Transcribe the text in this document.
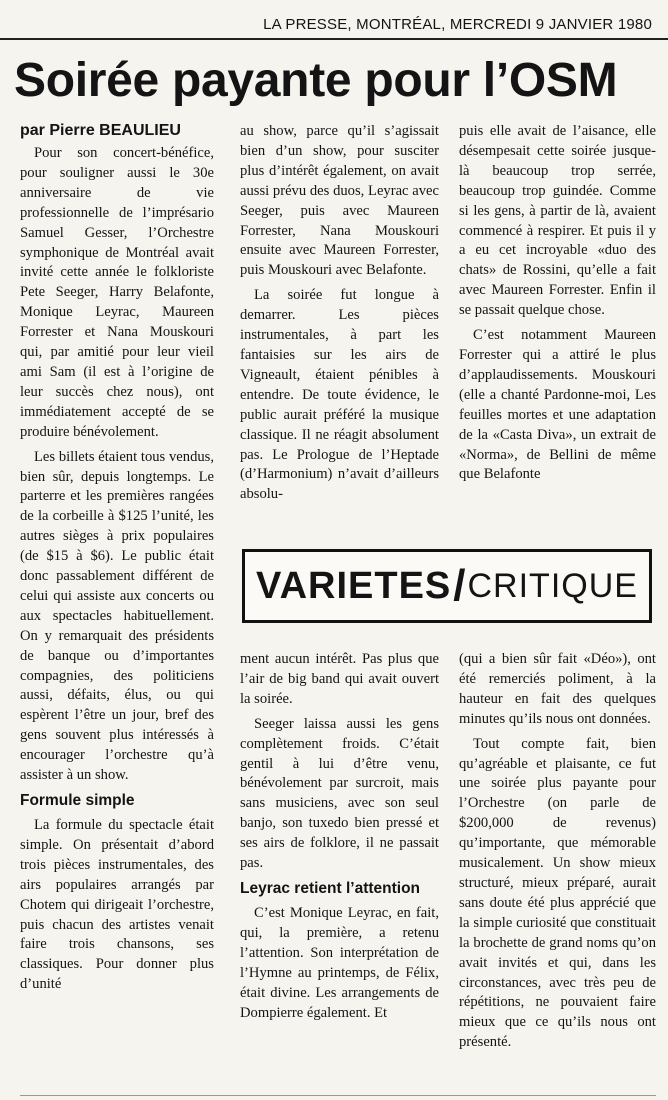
LA PRESSE, MONTRÉAL, MERCREDI 9 JANVIER 1980
Soirée payante pour l’OSM
par Pierre BEAULIEU

Pour son concert-bénéfice, pour souligner aussi le 30e anniversaire de vie professionnelle de l’imprésario Samuel Gesser, l’Orchestre symphonique de Montréal avait invité cette année le folkloriste Pete Seeger, Harry Belafonte, Monique Leyrac, Maureen Forrester et Nana Mouskouri qui, par amitié pour leur vieil ami Sam (il est à l’origine de leur succès chez nous), ont immédiatement accepté de se produire bénévolement.

Les billets étaient tous vendus, bien sûr, depuis longtemps. Le parterre et les premières rangées de la corbeille à $125 l’unité, les autres sièges à prix populaires (de $15 à $6). Le public était donc passablement différent de celui qui assiste aux concerts ou aux spectacles habituellement. On y remarquait des présidents de banque ou d’importantes compagnies, des politiciens aussi, défaits, élus, ou qui espèrent l’être un jour, bref des gens souvent plus intéressés à encourager l’orchestre qu’à assister à un show.

Formule simple

La formule du spectacle était simple. On présentait d’abord trois pièces instrumentales, des airs populaires arrangés par Chotem qui dirigeait l’orchestre, puis chacun des artistes venait faire trois chansons, ses classiques. Pour donner plus d’unité

au show, parce qu’il s’agissait bien d’un show, pour susciter plus d’intérêt également, on avait aussi prévu des duos, Leyrac avec Seeger, puis avec Maureen Forrester, Nana Mouskouri ensuite avec Maureen Forrester, puis Mouskouri avec Belafonte.

La soirée fut longue à demarrer. Les pièces instrumentales, à part les fantaisies sur les airs de Vigneault, étaient pénibles à entendre. De toute évidence, le public aurait préféré la musique classique. Il ne réagit absolument pas. Le Prologue de l’Heptade (d’Harmonium) n’avait d’ailleurs absolu-

puis elle avait de l’aisance, elle désempesait cette soirée jusque-là beaucoup trop serrée, beaucoup trop guindée. Comme si les gens, à partir de là, avaient commencé à respirer. Et puis il y a eu cet incroyable «duo des chats» de Rossini, qu’elle a fait avec Maureen Forrester. Enfin il se passait quelque chose.

C’est notamment Maureen Forrester qui a attiré le plus d’applaudissements. Mouskouri (elle a chanté Pardonne-moi, Les feuilles mortes et une adaptation de la «Casta Diva», un extrait de «Norma», de Bellini de même que Belafonte

VARIETES / CRITIQUE

ment aucun intérêt. Pas plus que l’air de big band qui avait ouvert la soirée.

Seeger laissa aussi les gens complètement froids. C’était gentil à lui d’être venu, bénévolement par surcroit, mais sans musiciens, avec son seul banjo, son tuxedo bien pressé et ses airs de folklore, il ne passait pas.

Leyrac retient l’attention

C’est Monique Leyrac, en fait, qui, la première, a retenu l’attention. Son interprétation de l’Hymne au printemps, de Félix, était divine. Les arrangements de Dompierre également. Et

(qui a bien sûr fait «Déo»), ont été remerciés poliment, à la hauteur en fait des quelques minutes qu’ils nous ont données.

Tout compte fait, bien qu’agréable et plaisante, ce fut une soirée plus payante pour l’Orchestre (on parle de $200,000 de revenus) qu’importante, que mémorable musicalement. Un show mieux structuré, mieux préparé, aurait sans doute été plus apprécié que la simple curiosité que constituait la brochette de grand noms qu’on avait invités et qui, dans les circonstances, avec très peu de répétitions, ne pouvaient faire mieux que ce qu’ils nous ont présenté.
